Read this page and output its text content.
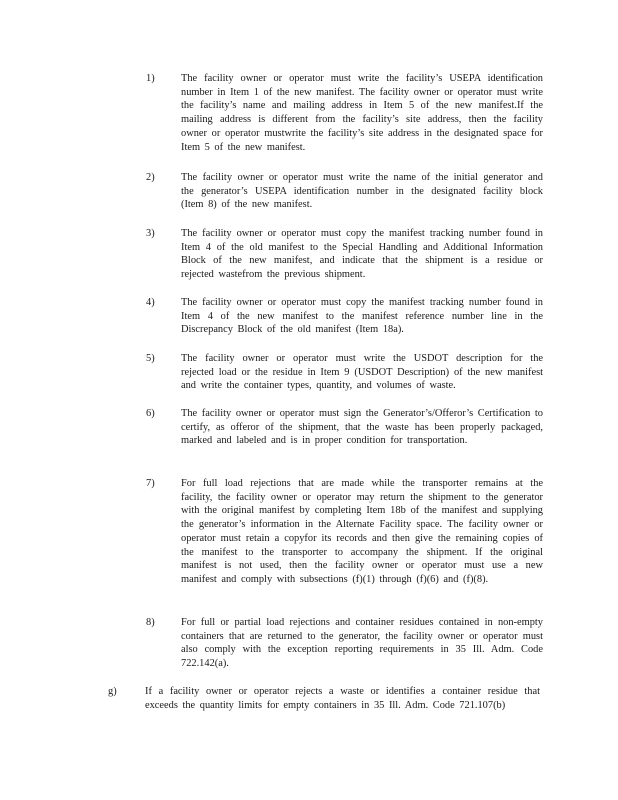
1)	The facility owner or operator must write the facility’s USEPA identification number in Item 1 of the new manifest. The facility owner or operator must write the facility’s name and mailing address in Item 5 of the new manifest.If the mailing address is different from the facility’s site address, then the facility owner or operator mustwrite the facility’s site address in the designated space for Item 5 of the new manifest.
2)	The facility owner or operator must write the name of the initial generator and the generator’s USEPA identification number in the designated facility block (Item 8) of the new manifest.
3)	The facility owner or operator must copy the manifest tracking number found in Item 4 of the old manifest to the Special Handling and Additional Information Block of the new manifest, and indicate that the shipment is a residue or rejected wastefrom the previous shipment.
4)	The facility owner or operator must copy the manifest tracking number found in Item 4 of the new manifest to the manifest reference number line in the Discrepancy Block of the old manifest (Item 18a).
5)	The facility owner or operator must write the USDOT description for the rejected load or the residue in Item 9 (USDOT Description) of the new manifest and write the container types, quantity, and volumes of waste.
6)	The facility owner or operator must sign the Generator’s/Offeror’s Certification to certify, as offeror of the shipment, that the waste has been properly packaged, marked and labeled and is in proper condition for transportation.
7)	For full load rejections that are made while the transporter remains at the facility, the facility owner or operator may return the shipment to the generator with the original manifest by completing Item 18b of the manifest and supplying the generator’s information in the Alternate Facility space. The facility owner or operator must retain a copyfor its records and then give the remaining copies of the manifest to the transporter to accompany the shipment. If the original manifest is not used, then the facility owner or operator must use a new manifest and comply with subsections (f)(1) through (f)(6) and (f)(8).
8)	For full or partial load rejections and container residues contained in non-empty containers that are returned to the generator, the facility owner or operator must also comply with the exception reporting requirements in 35 Ill. Adm. Code 722.142(a).
g)	If a facility owner or operator rejects a waste or identifies a container residue that exceeds the quantity limits for empty containers in 35 Ill. Adm. Code 721.107(b)
